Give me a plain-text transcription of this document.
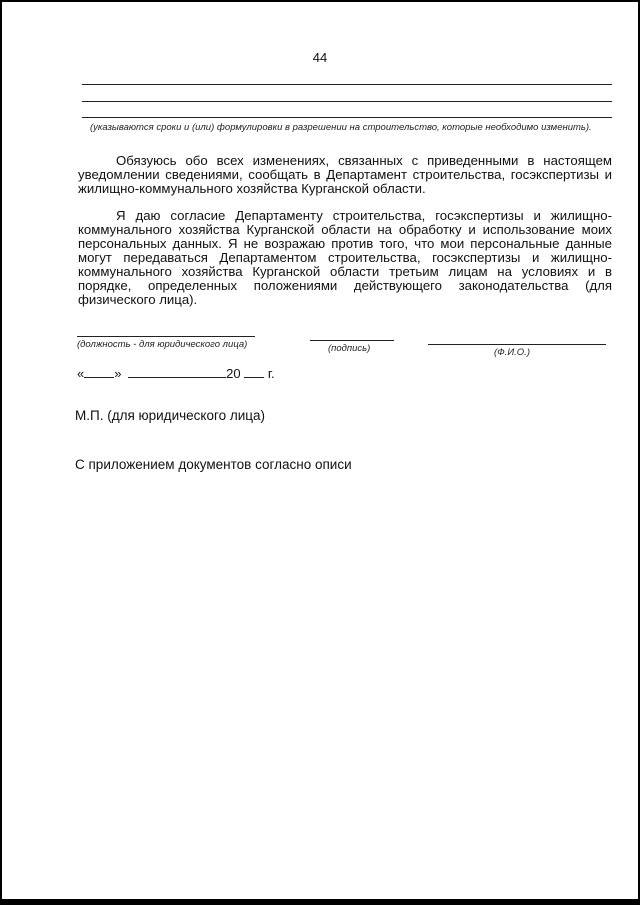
44
(указываются сроки и (или) формулировки в разрешении на строительство, которые необходимо изменить).
Обязуюсь обо всех изменениях, связанных с приведенными в настоящем уведомлении сведениями, сообщать в Департамент строительства, госэкспертизы и жилищно-коммунального хозяйства Курганской области.
Я даю согласие Департаменту строительства, госэкспертизы и жилищно-коммунального хозяйства Курганской области на обработку и использование моих персональных данных. Я не возражаю против того, что мои персональные данные могут передаваться Департаментом строительства, госэкспертизы и жилищно-коммунального хозяйства Курганской области третьим лицам на условиях и в порядке, определенных положениями действующего законодательства (для физического лица).
(должность - для юридического лица)	(подпись)	(Ф.И.О.)
« »	20 г.
М.П. (для юридического лица)
С приложением документов согласно описи
